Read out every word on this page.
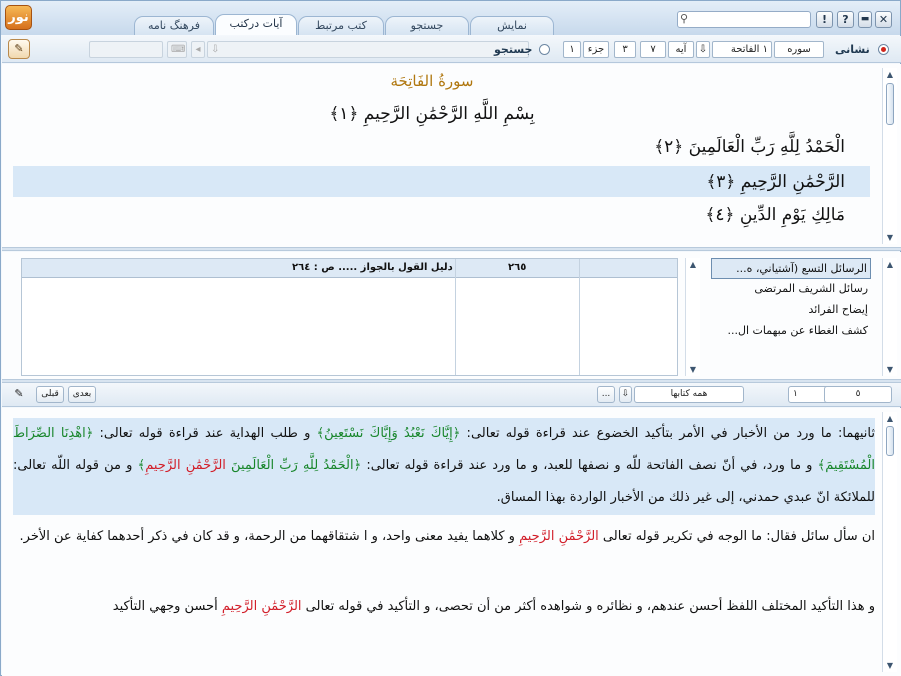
نور
فرهنگ نامه	آیات درکتب	کتب مرتبط	جستجو	نمایش
⚲	!	?	▬ ✕
✎	⌨	◂	⇩	جستجو	١	جزء	٣	٧	آیه	⇩	١ الفاتحة	سوره	نشانی
سورةُ الفَاتِحَة
بِسْمِ اللَّهِ الرَّحْمَٰنِ الرَّحِيمِ ﴿١﴾
الْحَمْدُ لِلَّهِ رَبِّ الْعَالَمِينَ ﴿٢﴾
الرَّحْمَٰنِ الرَّحِيمِ ﴿٣﴾
مَالِكِ يَوْمِ الدِّينِ ﴿٤﴾
▲
▼
دليل القول بالجواز ..... ص : ٢٦٤	٢٦٥	▲
▼
الرسائل التسع (آشتياني، ه...
رسائل الشريف المرتضى
إيضاح الفرائد
كشف الغطاء عن مبهمات ال...
▲
▼
✎	قبلی	بعدی	...	⇩	همه کتابها	١	٥
ثانيهما: ما ورد من الأخبار في الأمر بتأكيد الخضوع عند قراءة قوله تعالى: ﴿إِيَّاكَ نَعْبُدُ وَإِيَّاكَ نَسْتَعِينُ﴾ و طلب الهداية عند قراءة قوله تعالى: ﴿اهْدِنَا الصِّرَاطَ الْمُسْتَقِيمَ﴾ و ما ورد، في أنّ نصف الفاتحة للّه و نصفها للعبد، و ما ورد عند قراءة قوله تعالى: ﴿الْحَمْدُ لِلَّهِ رَبِّ الْعَالَمِينَ الرَّحْمَٰنِ الرَّحِيمِ﴾ و من قوله اللّه تعالى: للملائكة انّ عبدي حمدني، إلى غير ذلك من الأخبار الواردة بهذا المساق.
ان سأل سائل فقال: ما الوجه في تكرير قوله تعالى الرَّحْمَٰنِ الرَّحِيمِ و كلاهما يفيد معنى واحد، و ا شتقاقهما من الرحمة، و قد كان في ذكر أحدهما كفاية عن الأخر.
و هذا التأكيد المختلف اللفظ أحسن عندهم، و نظائره و شواهده أكثر من أن تحصى، و التأكيد في قوله تعالى الرَّحْمَٰنِ الرَّحِيمِ أحسن وجهي التأكيد
▲
▼
